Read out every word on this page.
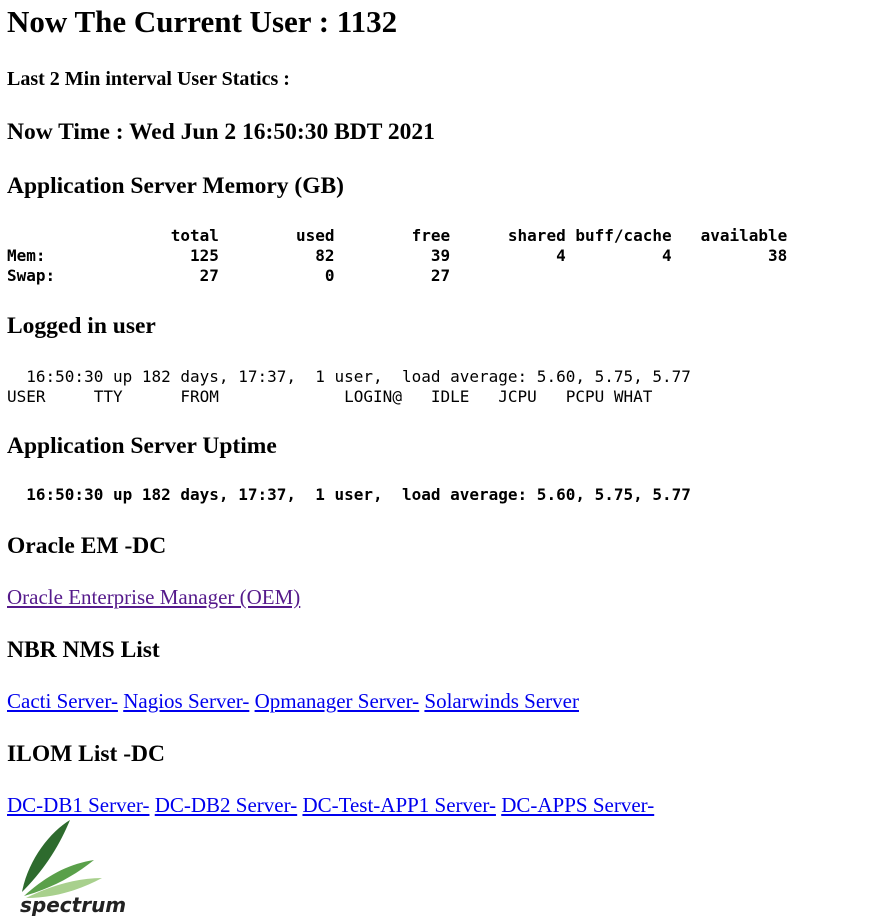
Now The Current User : 1132
Last 2 Min interval User Statics :
Now Time : Wed Jun 2 16:50:30 BDT 2021
Application Server Memory (GB)
total        used        free      shared buff/cache   available
Mem:               125          82          39           4          4          38
Swap:               27           0          27
Logged in user
16:50:30 up 182 days, 17:37,  1 user,  load average: 5.60, 5.75, 5.77
USER     TTY      FROM             LOGIN@   IDLE   JCPU   PCPU WHAT
Application Server Uptime
16:50:30 up 182 days, 17:37,  1 user,  load average: 5.60, 5.75, 5.77
Oracle EM -DC
Oracle Enterprise Manager (OEM)
NBR NMS List
Cacti Server- Nagios Server- Opmanager Server- Solarwinds Server
ILOM List -DC
DC-DB1 Server- DC-DB2 Server- DC-Test-APP1 Server- DC-APPS Server-
spectrum
